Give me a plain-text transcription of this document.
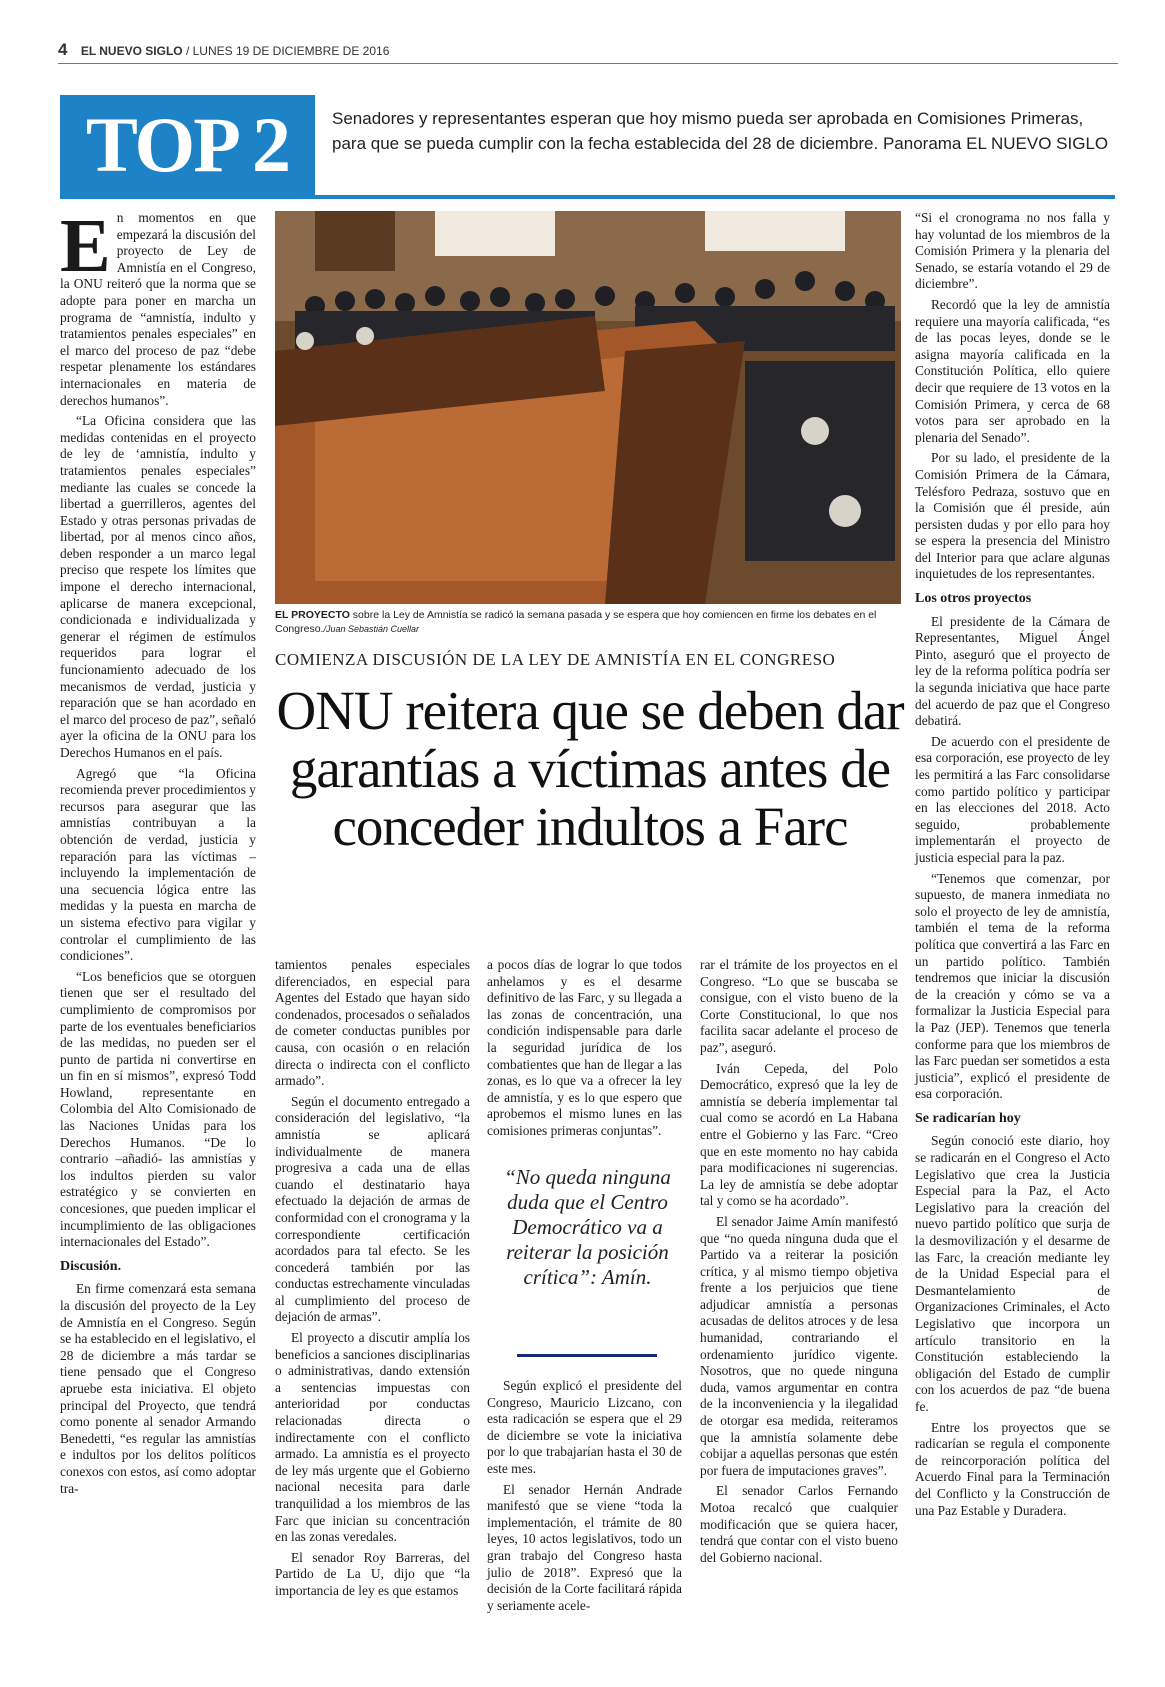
4 EL NUEVO SIGLO / LUNES 19 DE DICIEMBRE DE 2016
TOP 2	Senadores y representantes esperan que hoy mismo pueda ser aprobada en Comisiones Primeras, para que se pueda cumplir con la fecha establecida del 28 de diciembre. Panorama EL NUEVO SIGLO

En momentos en que empezará la discusión del proyecto de Ley de Amnistía en el Congreso, la ONU reiteró que la norma que se adopte para poner en marcha un programa de “amnistía, indulto y tratamientos penales especiales” en el marco del proceso de paz “debe respetar plenamente los estándares internacionales en materia de derechos humanos”.

“La Oficina considera que las medidas contenidas en el proyecto de ley de ‘amnistía, indulto y tratamientos penales especiales” mediante las cuales se concede la libertad a guerrilleros, agentes del Estado y otras personas privadas de libertad, por al menos cinco años, deben responder a un marco legal preciso que respete los límites que impone el derecho internacional, aplicarse de manera excepcional, condicionada e individualizada y generar el régimen de estímulos requeridos para lograr el funcionamiento adecuado de los mecanismos de verdad, justicia y reparación que se han acordado en el marco del proceso de paz”, señaló ayer la oficina de la ONU para los Derechos Humanos en el país.

Agregó que “la Oficina recomienda prever procedimientos y recursos para asegurar que las amnistías contribuyan a la obtención de verdad, justicia y reparación para las víctimas –incluyendo la implementación de una secuencia lógica entre las medidas y la puesta en marcha de un sistema efectivo para vigilar y controlar el cumplimiento de las condiciones”.

“Los beneficios que se otorguen tienen que ser el resultado del cumplimiento de compromisos por parte de los eventuales beneficiarios de las medidas, no pueden ser el punto de partida ni convertirse en un fin en sí mismos”, expresó Todd Howland, representante en Colombia del Alto Comisionado de las Naciones Unidas para los Derechos Humanos. “De lo contrario –añadió- las amnistías y los indultos pierden su valor estratégico y se convierten en concesiones, que pueden implicar el incumplimiento de las obligaciones internacionales del Estado”.

Discusión.

En firme comenzará esta semana la discusión del proyecto de la Ley de Amnistía en el Congreso. Según se ha establecido en el legislativo, el 28 de diciembre a más tardar se tiene pensado que el Congreso apruebe esta iniciativa. El objeto principal del Proyecto, que tendrá como ponente al senador Armando Benedetti, “es regular las amnistías e indultos por los delitos políticos conexos con estos, así como adoptar tra-

EL PROYECTO sobre la Ley de Amnistía se radicó la semana pasada y se espera que hoy comiencen en firme los debates en el Congreso./Juan Sebastián Cuellar
COMIENZA DISCUSIÓN DE LA LEY DE AMNISTÍA EN EL CONGRESO
ONU reitera que se deben dar garantías a víctimas antes de conceder indultos a Farc

tamientos penales especiales diferenciados, en especial para Agentes del Estado que hayan sido condenados, procesados o señalados de cometer conductas punibles por causa, con ocasión o en relación directa o indirecta con el conflicto armado”.

Según el documento entregado a consideración del legislativo, “la amnistía se aplicará individualmente de manera progresiva a cada una de ellas cuando el destinatario haya efectuado la dejación de armas de conformidad con el cronograma y la correspondiente certificación acordados para tal efecto. Se les concederá también por las conductas estrechamente vinculadas al cumplimiento del proceso de dejación de armas”.

El proyecto a discutir amplía los beneficios a sanciones disciplinarias o administrativas, dando extensión a sentencias impuestas con anterioridad por conductas relacionadas directa o indirectamente con el conflicto armado. La amnistía es el proyecto de ley más urgente que el Gobierno nacional necesita para darle tranquilidad a los miembros de las Farc que inician su concentración en las zonas veredales.

El senador Roy Barreras, del Partido de La U, dijo que “la importancia de ley es que estamos

a pocos días de lograr lo que todos anhelamos y es el desarme definitivo de las Farc, y su llegada a las zonas de concentración, una condición indispensable para darle la seguridad jurídica de los combatientes que han de llegar a las zonas, es lo que va a ofrecer la ley de amnistía, y es lo que espero que aprobemos el mismo lunes en las comisiones primeras conjuntas”.

“No queda ninguna duda que el Centro Democrático va a reiterar la posición crítica”: Amín.

Según explicó el presidente del Congreso, Mauricio Lizcano, con esta radicación se espera que el 29 de diciembre se vote la iniciativa por lo que trabajarían hasta el 30 de este mes.

El senador Hernán Andrade manifestó que se viene “toda la implementación, el trámite de 80 leyes, 10 actos legislativos, todo un gran trabajo del Congreso hasta julio de 2018”. Expresó que la decisión de la Corte facilitará rápida y seriamente acele-

rar el trámite de los proyectos en el Congreso. “Lo que se buscaba se consigue, con el visto bueno de la Corte Constitucional, lo que nos facilita sacar adelante el proceso de paz”, aseguró.

Iván Cepeda, del Polo Democrático, expresó que la ley de amnistía se debería implementar tal cual como se acordó en La Habana entre el Gobierno y las Farc. “Creo que en este momento no hay cabida para modificaciones ni sugerencias. La ley de amnistía se debe adoptar tal y como se ha acordado”.

El senador Jaime Amín manifestó que “no queda ninguna duda que el Partido va a reiterar la posición crítica, y al mismo tiempo objetiva frente a los perjuicios que tiene adjudicar amnistía a personas acusadas de delitos atroces y de lesa humanidad, contrariando el ordenamiento jurídico vigente. Nosotros, que no quede ninguna duda, vamos argumentar en contra de la inconveniencia y la ilegalidad de otorgar esa medida, reiteramos que la amnistía solamente debe cobijar a aquellas personas que estén por fuera de imputaciones graves”.

El senador Carlos Fernando Motoa recalcó que cualquier modificación que se quiera hacer, tendrá que contar con el visto bueno del Gobierno nacional.

“Si el cronograma no nos falla y hay voluntad de los miembros de la Comisión Primera y la plenaria del Senado, se estaría votando el 29 de diciembre”.

Recordó que la ley de amnistía requiere una mayoría calificada, “es de las pocas leyes, donde se le asigna mayoría calificada en la Constitución Política, ello quiere decir que requiere de 13 votos en la Comisión Primera, y cerca de 68 votos para ser aprobado en la plenaria del Senado”.

Por su lado, el presidente de la Comisión Primera de la Cámara, Telésforo Pedraza, sostuvo que en la Comisión que él preside, aún persisten dudas y por ello para hoy se espera la presencia del Ministro del Interior para que aclare algunas inquietudes de los representantes.

Los otros proyectos

El presidente de la Cámara de Representantes, Miguel Ángel Pinto, aseguró que el proyecto de ley de la reforma política podría ser la segunda iniciativa que hace parte del acuerdo de paz que el Congreso debatirá.

De acuerdo con el presidente de esa corporación, ese proyecto de ley les permitirá a las Farc consolidarse como partido político y participar en las elecciones del 2018. Acto seguido, probablemente implementarán el proyecto de justicia especial para la paz.

“Tenemos que comenzar, por supuesto, de manera inmediata no solo el proyecto de ley de amnistía, también el tema de la reforma política que convertirá a las Farc en un partido político. También tendremos que iniciar la discusión de la creación y cómo se va a formalizar la Justicia Especial para la Paz (JEP). Tenemos que tenerla conforme para que los miembros de las Farc puedan ser sometidos a esta justicia”, explicó el presidente de esa corporación.

Se radicarían hoy

Según conoció este diario, hoy se radicarán en el Congreso el Acto Legislativo que crea la Justicia Especial para la Paz, el Acto Legislativo para la creación del nuevo partido político que surja de la desmovilización y el desarme de las Farc, la creación mediante ley de la Unidad Especial para el Desmantelamiento de Organizaciones Criminales, el Acto Legislativo que incorpora un artículo transitorio en la Constitución estableciendo la obligación del Estado de cumplir con los acuerdos de paz “de buena fe.

Entre los proyectos que se radicarían se regula el componente de reincorporación política del Acuerdo Final para la Terminación del Conflicto y la Construcción de una Paz Estable y Duradera.
